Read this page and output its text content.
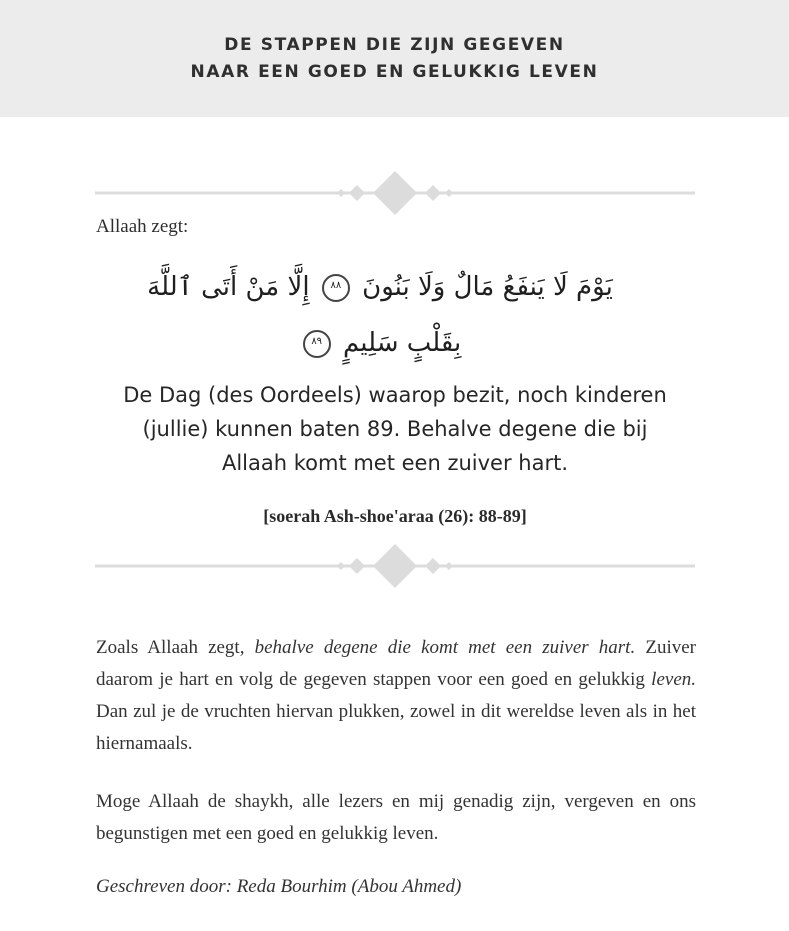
DE STAPPEN DIE ZIJN GEGEVEN
NAAR EEN GOED EN GELUKKIG LEVEN
Allaah zegt:
يَوْمَ لَا يَنفَعُ مَالٌ وَلَا بَنُونَ ٨٨ إِلَّا مَنْ أَتَى ٱللَّهَ
بِقَلْبٍ سَلِيمٍ ٨٩
De Dag (des Oordeels) waarop bezit, noch kinderen
(jullie) kunnen baten 89. Behalve degene die bij
Allaah komt met een zuiver hart.
[soerah Ash-shoe'araa (26): 88-89]
Zoals Allaah zegt, behalve degene die komt met een zuiver hart. Zuiver daarom je hart en volg de gegeven stappen voor een goed en gelukkig leven. Dan zul je de vruchten hiervan plukken, zowel in dit wereldse leven als in het hiernamaals.
Moge Allaah de shaykh, alle lezers en mij genadig zijn, vergeven en ons begunstigen met een goed en gelukkig leven.
Geschreven door: Reda Bourhim (Abou Ahmed)
